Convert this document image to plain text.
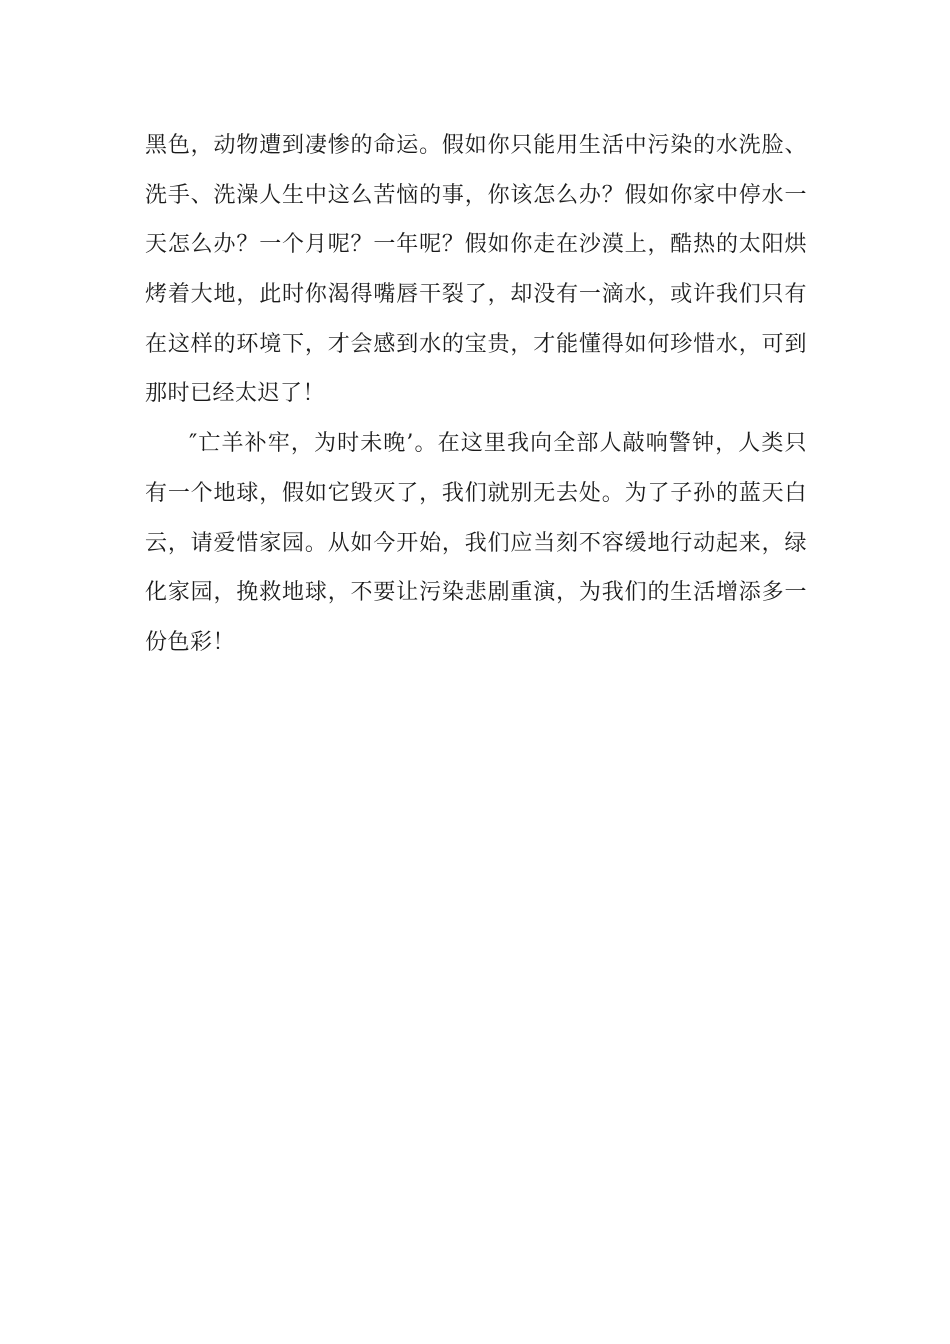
黑色，动物遭到凄惨的命运。假如你只能用生活中污染的水洗脸、
洗手、洗澡人生中这么苦恼的事，你该怎么办？假如你家中停水一
天怎么办？一个月呢？一年呢？假如你走在沙漠上，酷热的太阳烘
烤着大地，此时你渴得嘴唇干裂了，却没有一滴水，或许我们只有
在这样的环境下，才会感到水的宝贵，才能懂得如何珍惜水，可到
那时已经太迟了！
″亡羊补牢，为时未晚’。在这里我向全部人敲响警钟，人类只
有一个地球，假如它毁灭了，我们就别无去处。为了子孙的蓝天白
云，请爱惜家园。从如今开始，我们应当刻不容缓地行动起来，绿
化家园，挽救地球，不要让污染悲剧重演，为我们的生活增添多一
份色彩！
